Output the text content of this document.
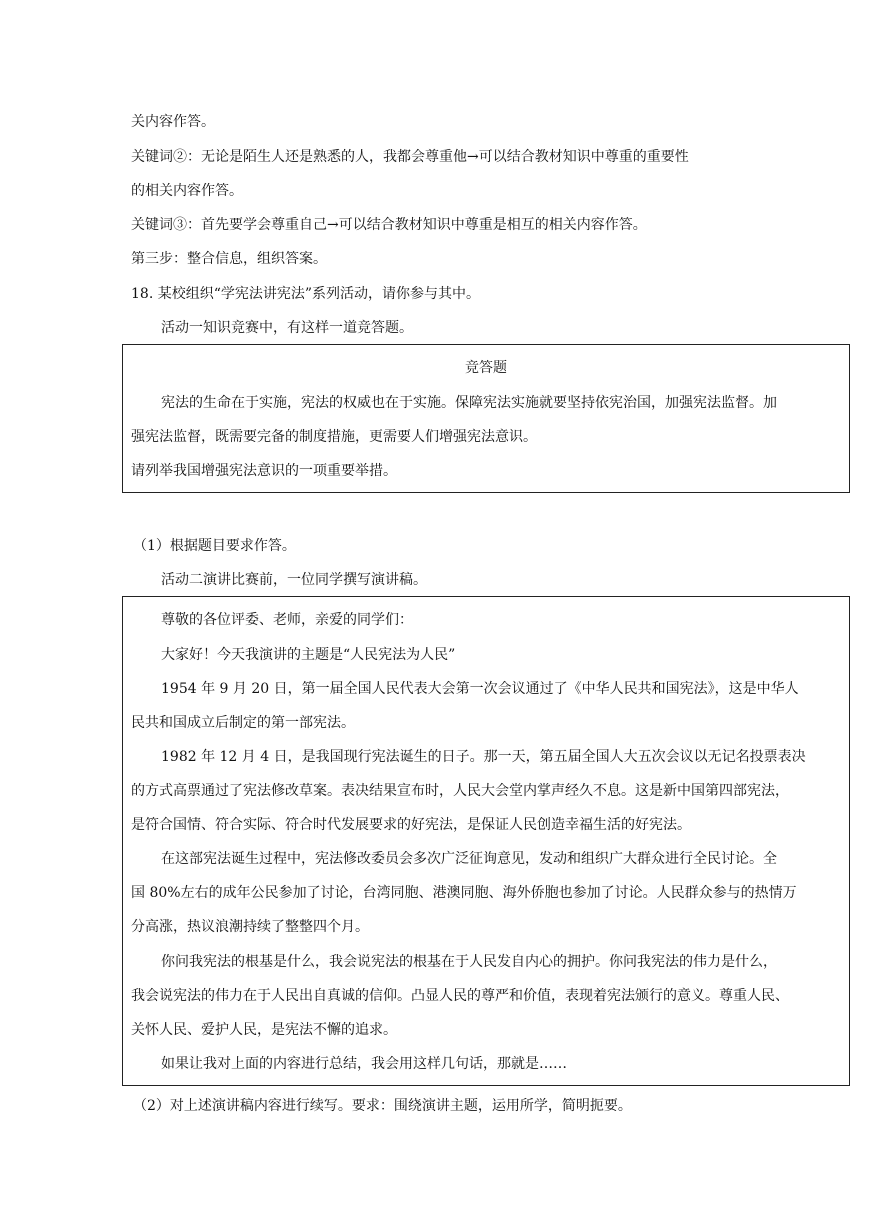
关内容作答。
关键词②：无论是陌生人还是熟悉的人，我都会尊重他→可以结合教材知识中尊重的重要性
的相关内容作答。
关键词③：首先要学会尊重自己→可以结合教材知识中尊重是相互的相关内容作答。
第三步：整合信息，组织答案。
18. 某校组织“学宪法讲宪法”系列活动，请你参与其中。
活动一知识竞赛中，有这样一道竞答题。
竞答题
宪法的生命在于实施，宪法的权威也在于实施。保障宪法实施就要坚持依宪治国，加强宪法监督。加
强宪法监督，既需要完备的制度措施，更需要人们增强宪法意识。
请列举我国增强宪法意识的一项重要举措。
（1）根据题目要求作答。
活动二演讲比赛前，一位同学撰写演讲稿。
尊敬的各位评委、老师，亲爱的同学们：
大家好！今天我演讲的主题是“人民宪法为人民”
1954 年 9 月 20 日，第一届全国人民代表大会第一次会议通过了《中华人民共和国宪法》，这是中华人
民共和国成立后制定的第一部宪法。
1982 年 12 月 4 日，是我国现行宪法诞生的日子。那一天，第五届全国人大五次会议以无记名投票表决
的方式高票通过了宪法修改草案。表决结果宣布时，人民大会堂内掌声经久不息。这是新中国第四部宪法，
是符合国情、符合实际、符合时代发展要求的好宪法，是保证人民创造幸福生活的好宪法。
在这部宪法诞生过程中，宪法修改委员会多次广泛征询意见，发动和组织广大群众进行全民讨论。全
国 80%左右的成年公民参加了讨论，台湾同胞、港澳同胞、海外侨胞也参加了讨论。人民群众参与的热情万
分高涨，热议浪潮持续了整整四个月。
你问我宪法的根基是什么，我会说宪法的根基在于人民发自内心的拥护。你问我宪法的伟力是什么，
我会说宪法的伟力在于人民出自真诚的信仰。凸显人民的尊严和价值，表现着宪法颁行的意义。尊重人民、
关怀人民、爱护人民，是宪法不懈的追求。
如果让我对上面的内容进行总结，我会用这样几句话，那就是……
（2）对上述演讲稿内容进行续写。要求：围绕演讲主题，运用所学，简明扼要。
